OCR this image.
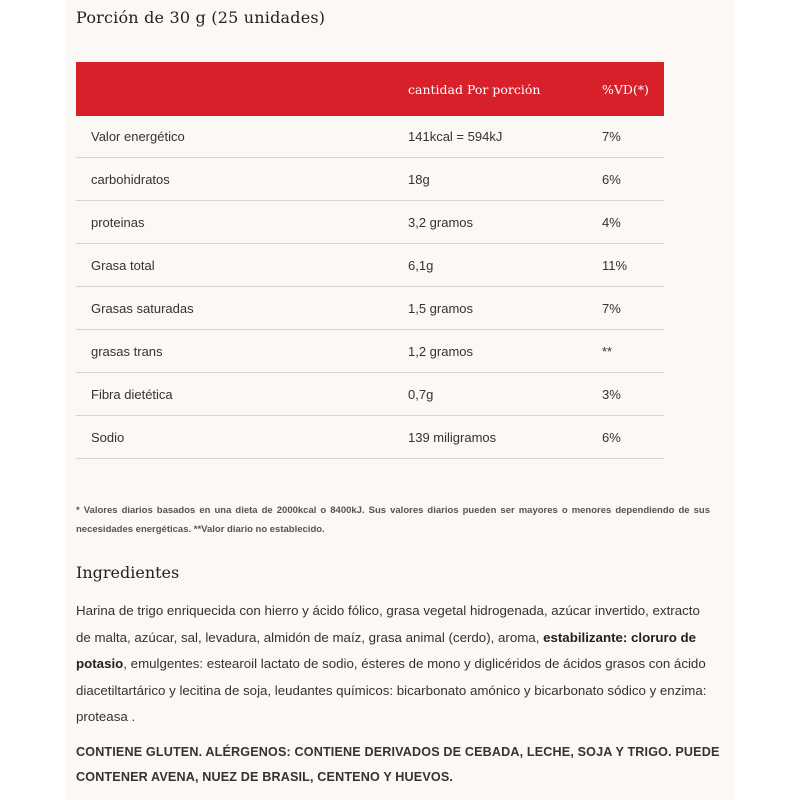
Porción de 30 g (25 unidades)
	cantidad Por porción	%VD(*)
Valor energético	141kcal = 594kJ	7%
carbohidratos	18g	6%
proteinas	3,2 gramos	4%
Grasa total	6,1g	11%
Grasas saturadas	1,5 gramos	7%
grasas trans	1,2 gramos	**
Fibra dietética	0,7g	3%
Sodio	139 miligramos	6%
* Valores diarios basados en una dieta de 2000kcal o 8400kJ. Sus valores diarios pueden ser mayores o menores dependiendo de sus necesidades energéticas. **Valor diario no establecido.
Ingredientes
Harina de trigo enriquecida con hierro y ácido fólico, grasa vegetal hidrogenada, azúcar invertido, extracto de malta, azúcar, sal, levadura, almidón de maíz, grasa animal (cerdo), aroma, estabilizante: cloruro de potasio, emulgentes: estearoil lactato de sodio, ésteres de mono y diglicéridos de ácidos grasos con ácido diacetiltartárico y lecitina de soja, leudantes químicos: bicarbonato amónico y bicarbonato sódico y enzima: proteasa .
CONTIENE GLUTEN. ALÉRGENOS: CONTIENE DERIVADOS DE CEBADA, LECHE, SOJA Y TRIGO. PUEDE CONTENER AVENA, NUEZ DE BRASIL, CENTENO Y HUEVOS.
